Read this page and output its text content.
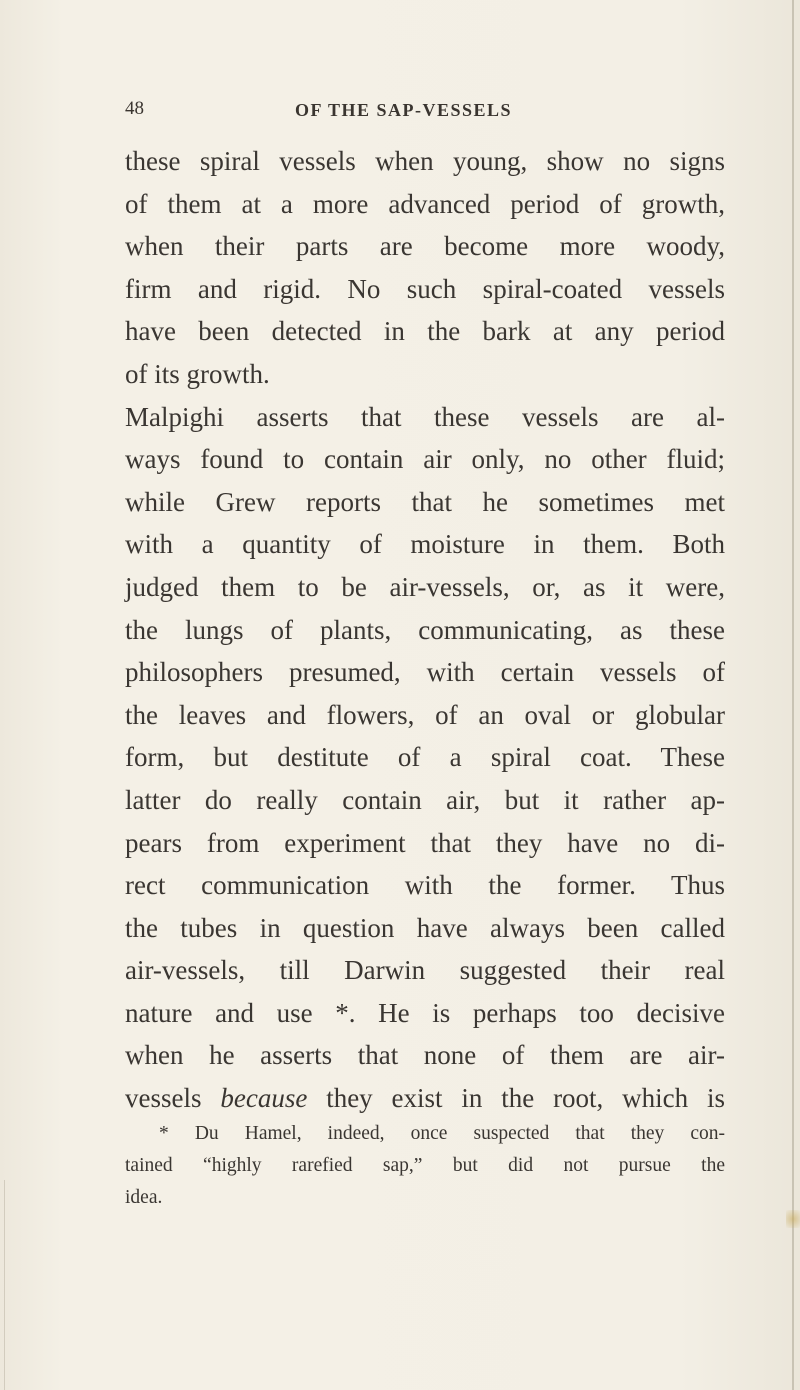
48	OF THE SAP-VESSELS
these spiral vessels when young, show no signs
of them at a more advanced period of growth,
when their parts are become more woody,
firm and rigid. No such spiral-coated vessels
have been detected in the bark at any period
of its growth.
Malpighi asserts that these vessels are al-
ways found to contain air only, no other fluid;
while Grew reports that he sometimes met
with a quantity of moisture in them. Both
judged them to be air-vessels, or, as it were,
the lungs of plants, communicating, as these
philosophers presumed, with certain vessels of
the leaves and flowers, of an oval or globular
form, but destitute of a spiral coat. These
latter do really contain air, but it rather ap-
pears from experiment that they have no di-
rect communication with the former. Thus
the tubes in question have always been called
air-vessels, till Darwin suggested their real
nature and use *. He is perhaps too decisive
when he asserts that none of them are air-
vessels because they exist in the root, which is
* Du Hamel, indeed, once suspected that they con-
tained “highly rarefied sap,” but did not pursue the
idea.
